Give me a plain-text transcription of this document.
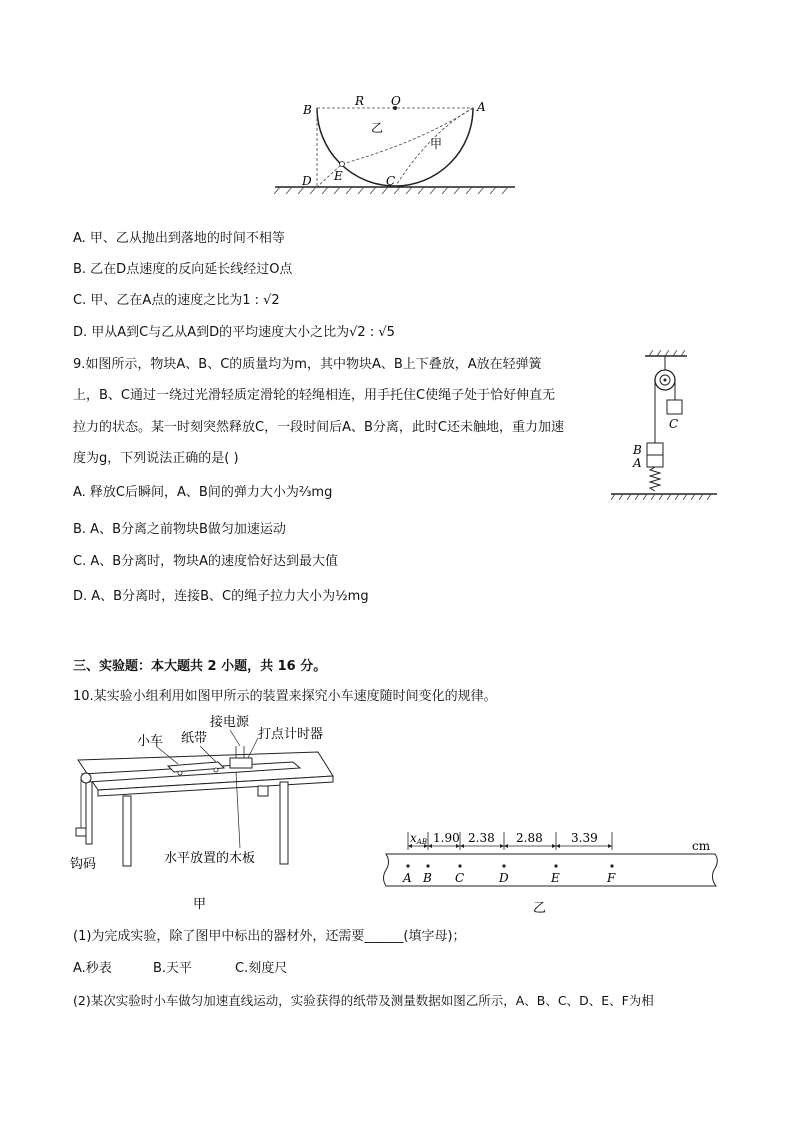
B
R O	A
乙
甲
D E	C
A. 甲、乙从抛出到落地的时间不相等
B. 乙在D点速度的反向延长线经过O点
C. 甲、乙在A点的速度之比为1 : √2
D. 甲从A到C与乙从A到D的平均速度大小之比为√2 : √5
9.如图所示，物块A、B、C的质量均为m，其中物块A、B上下叠放，A放在轻弹簧
上，B、C通过一绕过光滑轻质定滑轮的轻绳相连，用手托住C使绳子处于恰好伸直无
拉力的状态。某一时刻突然释放C，一段时间后A、B分离，此时C还未触地，重力加速
度为g，下列说法正确的是( )
A. 释放C后瞬间，A、B间的弹力大小为⅔mg
B. A、B分离之前物块B做匀加速运动
C. A、B分离时，物块A的速度恰好达到最大值
D. A、B分离时，连接B、C的绳子拉力大小为½mg
C
B
A
三、实验题：本大题共 2 小题，共 16 分。
10.某实验小组利用如图甲所示的装置来探究小车速度随时间变化的规律。
接电源
小车 纸带	打点计时器
钩码	水平放置的木板
甲
xAB 1.90 2.38 2.88 3.39
cm
A B C	D	E	F
乙
(1)为完成实验，除了图甲中标出的器材外，还需要______(填字母)；
A.秒表	B.天平	C.刻度尺
(2)某次实验时小车做匀加速直线运动，实验获得的纸带及测量数据如图乙所示，A、B、C、D、E、F为相
